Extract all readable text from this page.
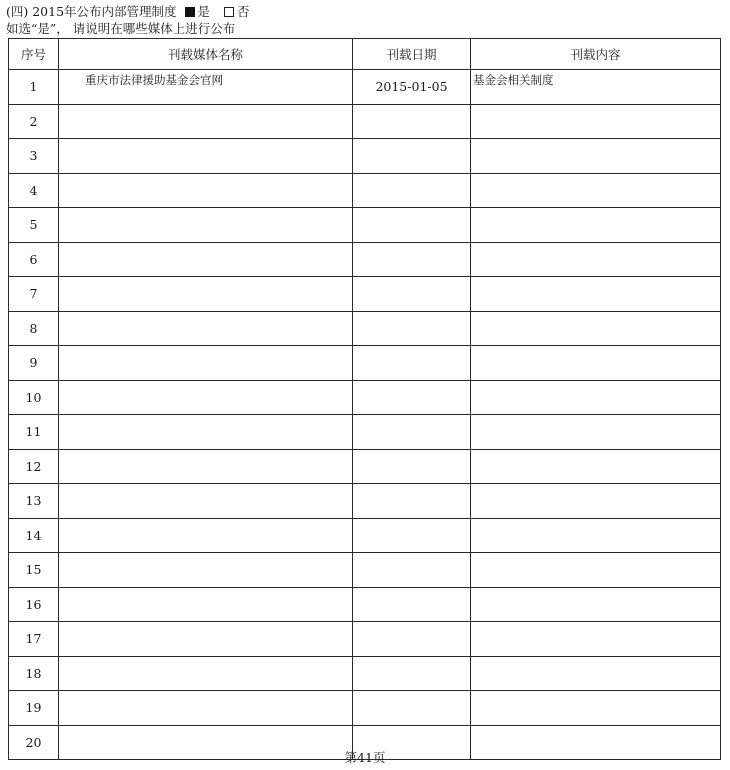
(四) 2015年公布内部管理制度 是 否
如选“是”， 请说明在哪些媒体上进行公布
序号	刊载媒体名称	刊载日期	刊载内容
1	重庆市法律援助基金会官网	2015-01-05	基金会相关制度
2			
3			
4			
5			
6			
7			
8			
9			
10			
11			
12			
13			
14			
15			
16			
17			
18			
19			
20			
第41页
